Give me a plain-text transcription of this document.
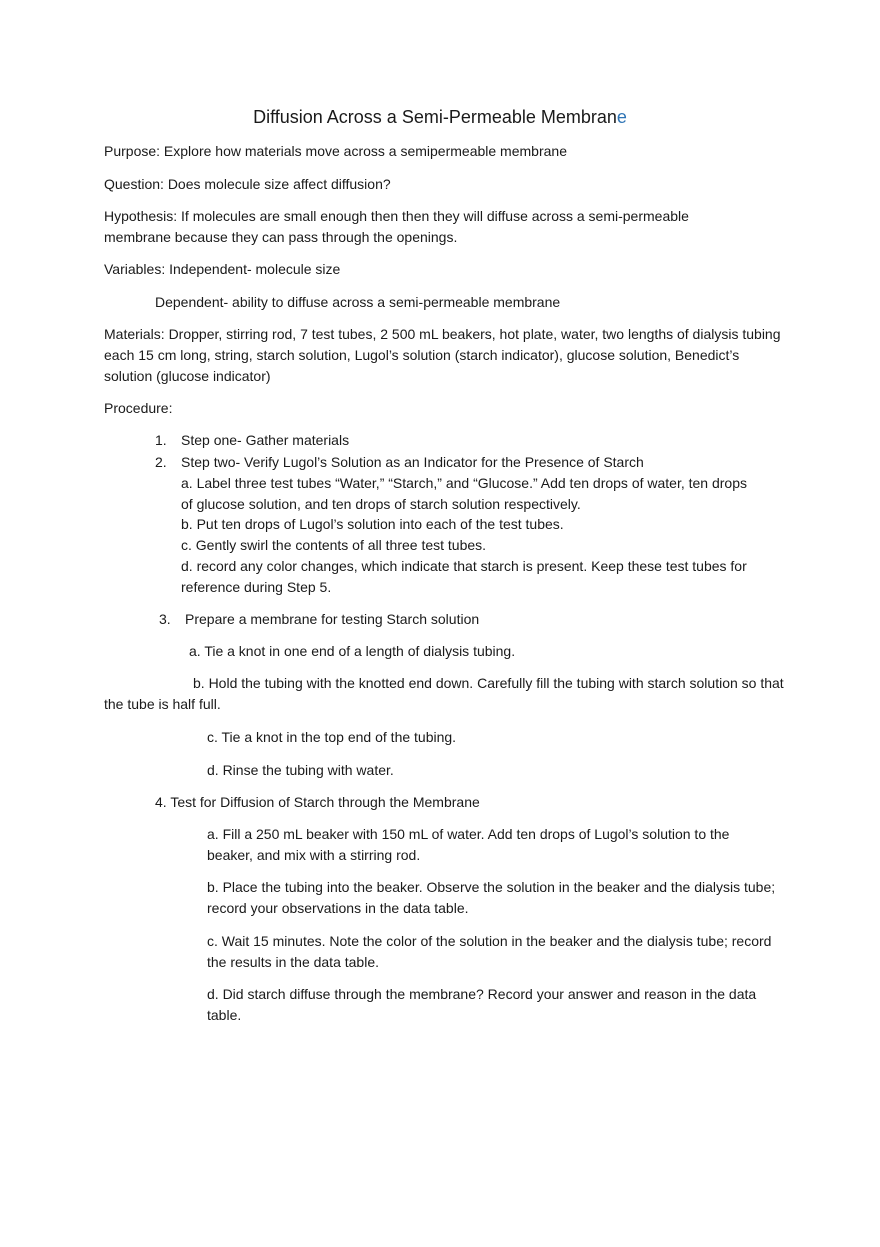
Diffusion Across a Semi-Permeable Membrane

Purpose: Explore how materials move across a semipermeable membrane

Question: Does molecule size affect diffusion?

Hypothesis: If molecules are small enough then then they will diffuse across a semi-permeable membrane because they can pass through the openings.

Variables: Independent- molecule size

Dependent- ability to diffuse across a semi-permeable membrane

Materials: Dropper, stirring rod, 7 test tubes, 2 500 mL beakers, hot plate, water, two lengths of dialysis tubing each 15 cm long, string, starch solution, Lugol’s solution (starch indicator), glucose solution, Benedict’s solution (glucose indicator)

Procedure:

1. Step one- Gather materials

2. Step two- Verify Lugol’s Solution as an Indicator for the Presence of Starch

a. Label three test tubes “Water,” “Starch,” and “Glucose.” Add ten drops of water, ten drops of glucose solution, and ten drops of starch solution respectively.

b. Put ten drops of Lugol’s solution into each of the test tubes.

c. Gently swirl the contents of all three test tubes.

d. record any color changes, which indicate that starch is present. Keep these test tubes for reference during Step 5.

3. Prepare a membrane for testing Starch solution

a. Tie a knot in one end of a length of dialysis tubing.

b. Hold the tubing with the knotted end down. Carefully fill the tubing with starch solution so that the tube is half full.

c. Tie a knot in the top end of the tubing.

d. Rinse the tubing with water.

4. Test for Diffusion of Starch through the Membrane

a. Fill a 250 mL beaker with 150 mL of water. Add ten drops of Lugol’s solution to the beaker, and mix with a stirring rod.

b. Place the tubing into the beaker. Observe the solution in the beaker and the dialysis tube; record your observations in the data table.

c. Wait 15 minutes. Note the color of the solution in the beaker and the dialysis tube; record the results in the data table.

d. Did starch diffuse through the membrane? Record your answer and reason in the data table.
